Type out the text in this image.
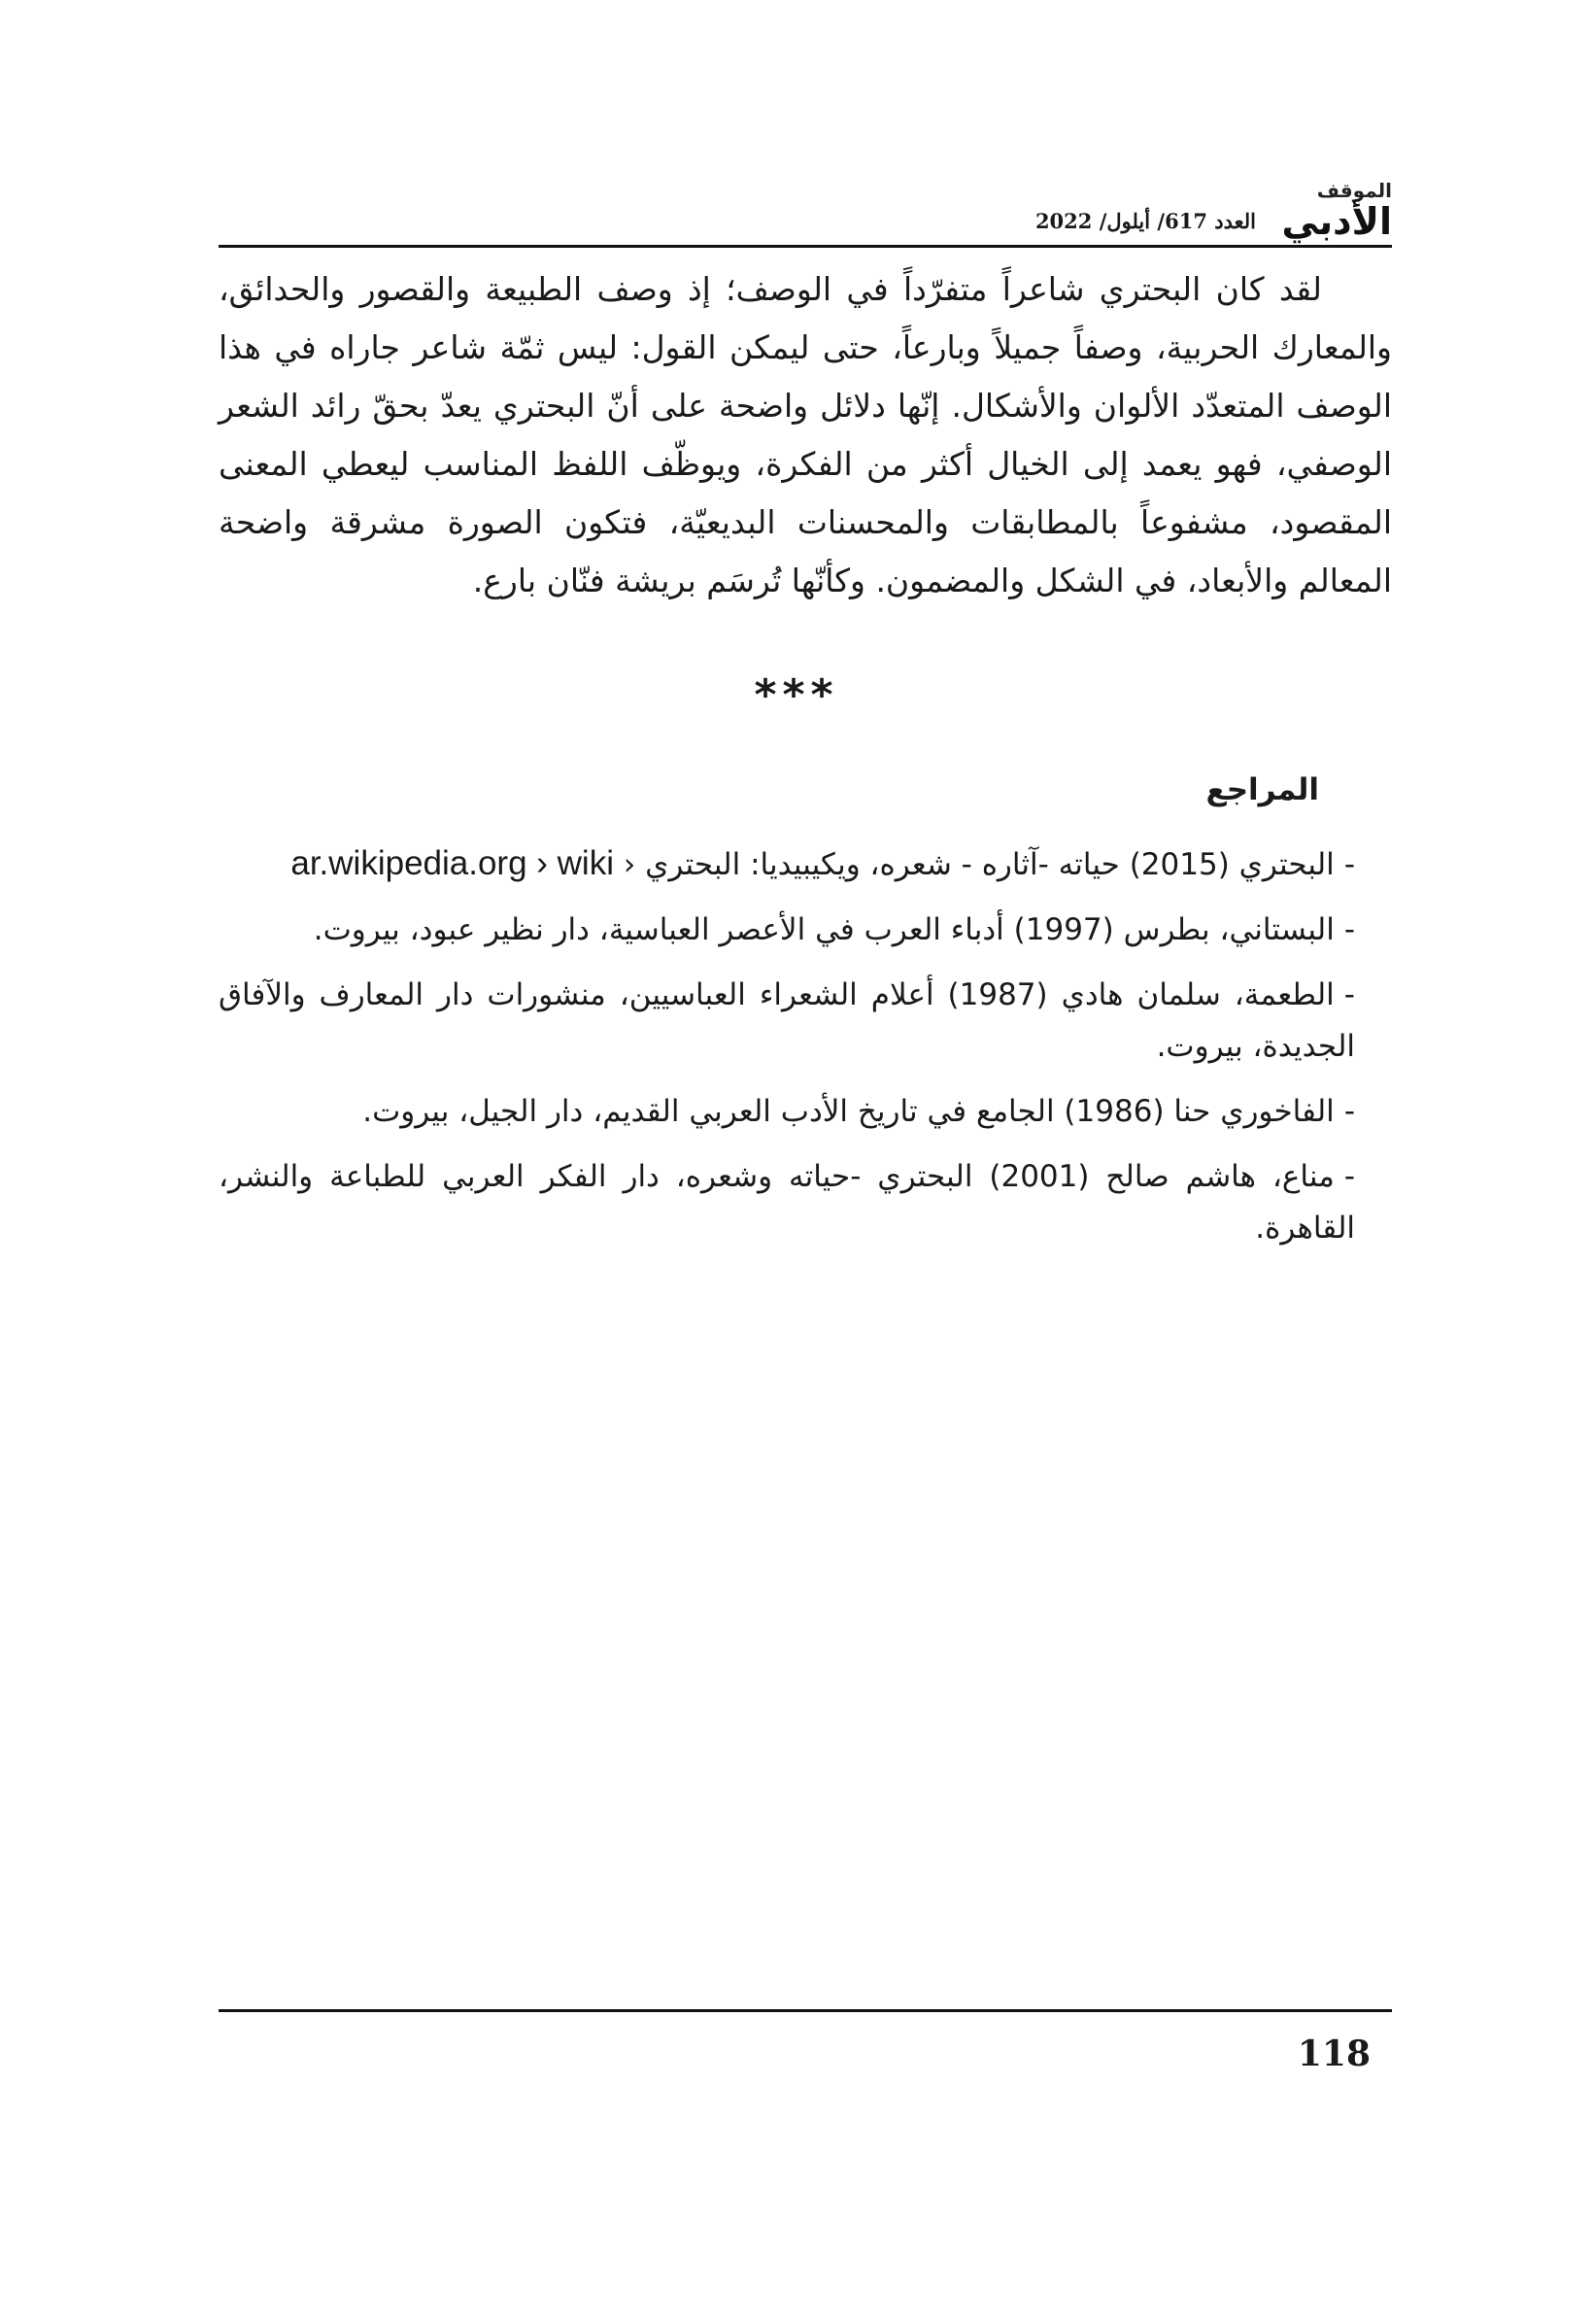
الموقف
الأدبي
العدد 617/ أيلول/ 2022

لقد كان البحتري شاعراً متفرّداً في الوصف؛ إذ وصف الطبيعة والقصور والحدائق، والمعارك الحربية، وصفاً جميلاً وبارعاً، حتى ليمكن القول: ليس ثمّة شاعر جاراه في هذا الوصف المتعدّد الألوان والأشكال. إنّها دلائل واضحة على أنّ البحتري يعدّ بحقّ رائد الشعر الوصفي، فهو يعمد إلى الخيال أكثر من الفكرة، ويوظّف اللفظ المناسب ليعطي المعنى المقصود، مشفوعاً بالمطابقات والمحسنات البديعيّة، فتكون الصورة مشرقة واضحة المعالم والأبعاد، في الشكل والمضمون. وكأنّها تُرسَم بريشة فنّان بارع.

***
المراجع
-البحتري (2015) حياته -آثاره - شعره، ويكيبيديا: البحتري ‹ ar.wikipedia.org › wiki
-البستاني، بطرس (1997) أدباء العرب في الأعصر العباسية، دار نظير عبود، بيروت.
-الطعمة، سلمان هادي (1987) أعلام الشعراء العباسيين، منشورات دار المعارف والآفاق الجديدة، بيروت.
-الفاخوري حنا (1986) الجامع في تاريخ الأدب العربي القديم، دار الجيل، بيروت.
-مناع، هاشم صالح (2001) البحتري -حياته وشعره، دار الفكر العربي للطباعة والنشر، القاهرة.
118
